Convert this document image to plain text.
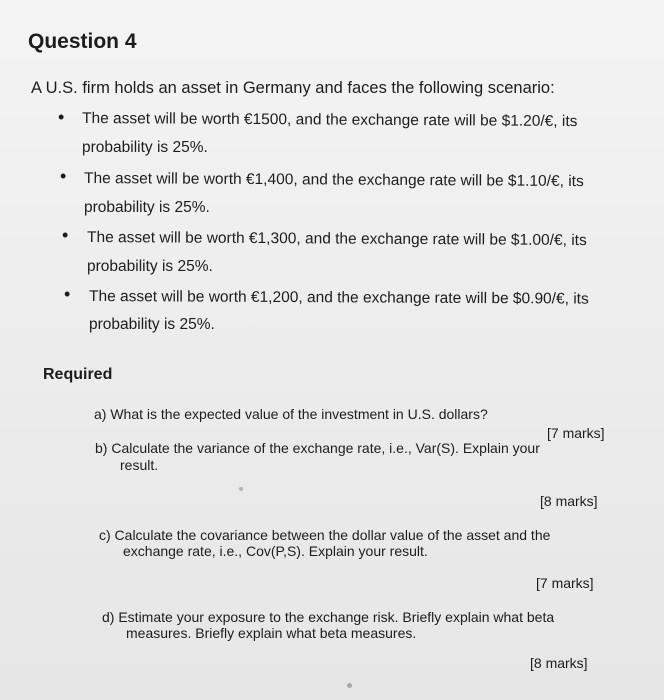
Question 4
A U.S. firm holds an asset in Germany and faces the following scenario:
• The asset will be worth €1500, and the exchange rate will be $1.20/€, its
probability is 25%.
• The asset will be worth €1,400, and the exchange rate will be $1.10/€, its
probability is 25%.
• The asset will be worth €1,300, and the exchange rate will be $1.00/€, its
probability is 25%.
• The asset will be worth €1,200, and the exchange rate will be $0.90/€, its
probability is 25%.
Required
a) What is the expected value of the investment in U.S. dollars?
[7 marks]
b) Calculate the variance of the exchange rate, i.e., Var(S). Explain your
result.
[8 marks]
c) Calculate the covariance between the dollar value of the asset and the
exchange rate, i.e., Cov(P,S). Explain your result.
[7 marks]
d) Estimate your exposure to the exchange risk. Briefly explain what beta
measures. Briefly explain what beta measures.
[8 marks]
